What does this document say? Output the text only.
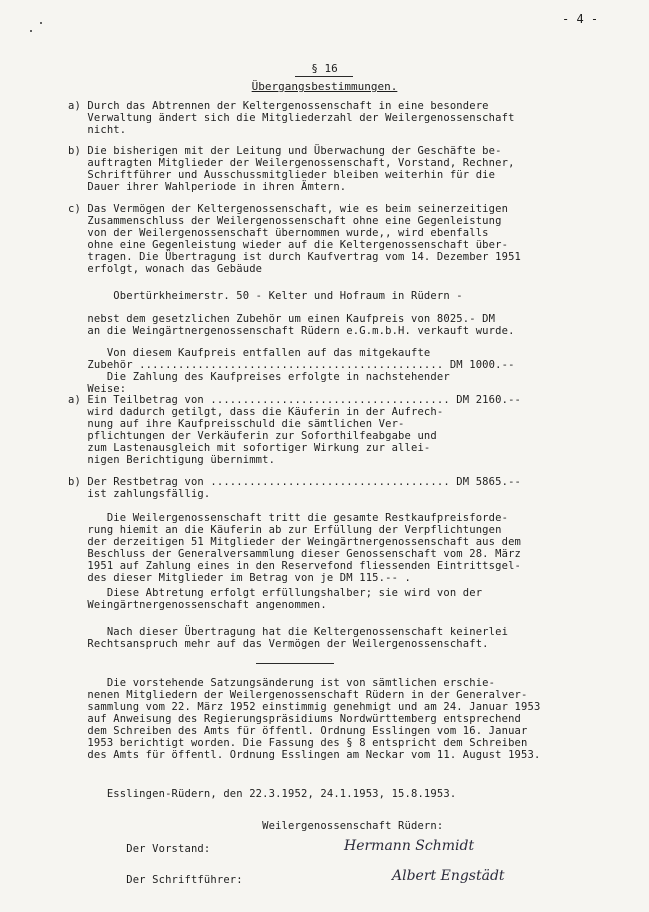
- 4 -
§ 16
Übergangsbestimmungen.
a) Durch das Abtrennen der Keltergenossenschaft in eine besondere
Verwaltung ändert sich die Mitgliederzahl der Weilergenossenschaft
nicht.
b) Die bisherigen mit der Leitung und Überwachung der Geschäfte be-
auftragten Mitglieder der Weilergenossenschaft, Vorstand, Rechner,
Schriftführer und Ausschussmitglieder bleiben weiterhin für die
Dauer ihrer Wahlperiode in ihren Ämtern.
c) Das Vermögen der Keltergenossenschaft, wie es beim seinerzeitigen
Zusammenschluss der Weilergenossenschaft ohne eine Gegenleistung
von der Weilergenossenschaft übernommen wurde,, wird ebenfalls
ohne eine Gegenleistung wieder auf die Keltergenossenschaft über-
tragen. Die Übertragung ist durch Kaufvertrag vom 14. Dezember 1951
erfolgt, wonach das Gebäude
Obertürkheimerstr. 50 - Kelter und Hofraum in Rüdern -
nebst dem gesetzlichen Zubehör um einen Kaufpreis von 8025.- DM
an die Weingärtnergenossenschaft Rüdern e.G.m.b.H. verkauft wurde.
Von diesem Kaufpreis entfallen auf das mitgekaufte
Zubehör ............................................... DM 1000.--
Die Zahlung des Kaufpreises erfolgte in nachstehender
Weise:
a) Ein Teilbetrag von ..................................... DM 2160.--
wird dadurch getilgt, dass die Käuferin in der Aufrech-
nung auf ihre Kaufpreisschuld die sämtlichen Ver-
pflichtungen der Verkäuferin zur Soforthilfeabgabe und
zum Lastenausgleich mit sofortiger Wirkung zur allei-
nigen Berichtigung übernimmt.
b) Der Restbetrag von ..................................... DM 5865.--
ist zahlungsfällig.
Die Weilergenossenschaft tritt die gesamte Restkaufpreisforde-
rung hiemit an die Käuferin ab zur Erfüllung der Verpflichtungen
der derzeitigen 51 Mitglieder der Weingärtnergenossenschaft aus dem
Beschluss der Generalversammlung dieser Genossenschaft vom 28. März
1951 auf Zahlung eines in den Reservefond fliessenden Eintrittsgel-
des dieser Mitglieder im Betrag von je DM 115.-- .
Diese Abtretung erfolgt erfüllungshalber; sie wird von der
Weingärtnergenossenschaft angenommen.
Nach dieser Übertragung hat die Keltergenossenschaft keinerlei
Rechtsanspruch mehr auf das Vermögen der Weilergenossenschaft.
Die vorstehende Satzungsänderung ist von sämtlichen erschie-
nenen Mitgliedern der Weilergenossenschaft Rüdern in der Generalver-
sammlung vom 22. März 1952 einstimmig genehmigt und am 24. Januar 1953
auf Anweisung des Regierungspräsidiums Nordwürttemberg entsprechend
dem Schreiben des Amts für öffentl. Ordnung Esslingen vom 16. Januar
1953 berichtigt worden. Die Fassung des § 8 entspricht dem Schreiben
des Amts für öffentl. Ordnung Esslingen am Neckar vom 11. August 1953.
Esslingen-Rüdern, den 22.3.1952, 24.1.1953, 15.8.1953.
Weilergenossenschaft Rüdern:
Der Vorstand:
Der Schriftführer:
Hermann Schmidt
Albert Engstädt
